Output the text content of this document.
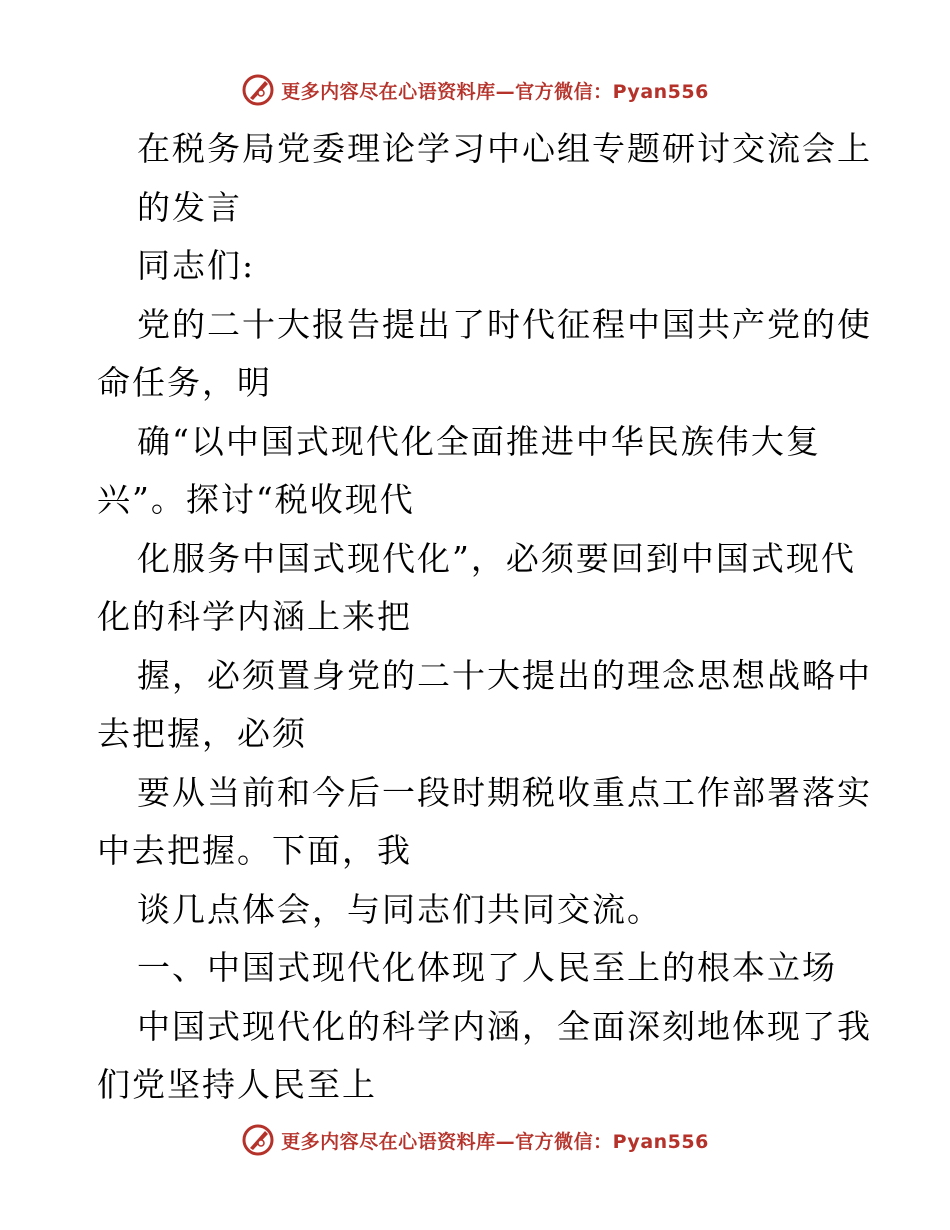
更多内容尽在心语资料库—官方微信：Pyan556
在税务局党委理论学习中心组专题研讨交流会上
的发言
同志们:
党的二十大报告提出了时代征程中国共产党的使
命任务，明
确“以中国式现代化全面推进中华民族伟大复
兴”。探讨“税收现代
化服务中国式现代化”，必须要回到中国式现代
化的科学内涵上来把
握，必须置身党的二十大提出的理念思想战略中
去把握，必须
要从当前和今后一段时期税收重点工作部署落实
中去把握。下面，我
谈几点体会，与同志们共同交流。
一、中国式现代化体现了人民至上的根本立场
中国式现代化的科学内涵，全面深刻地体现了我
们党坚持人民至上
更多内容尽在心语资料库—官方微信：Pyan556
